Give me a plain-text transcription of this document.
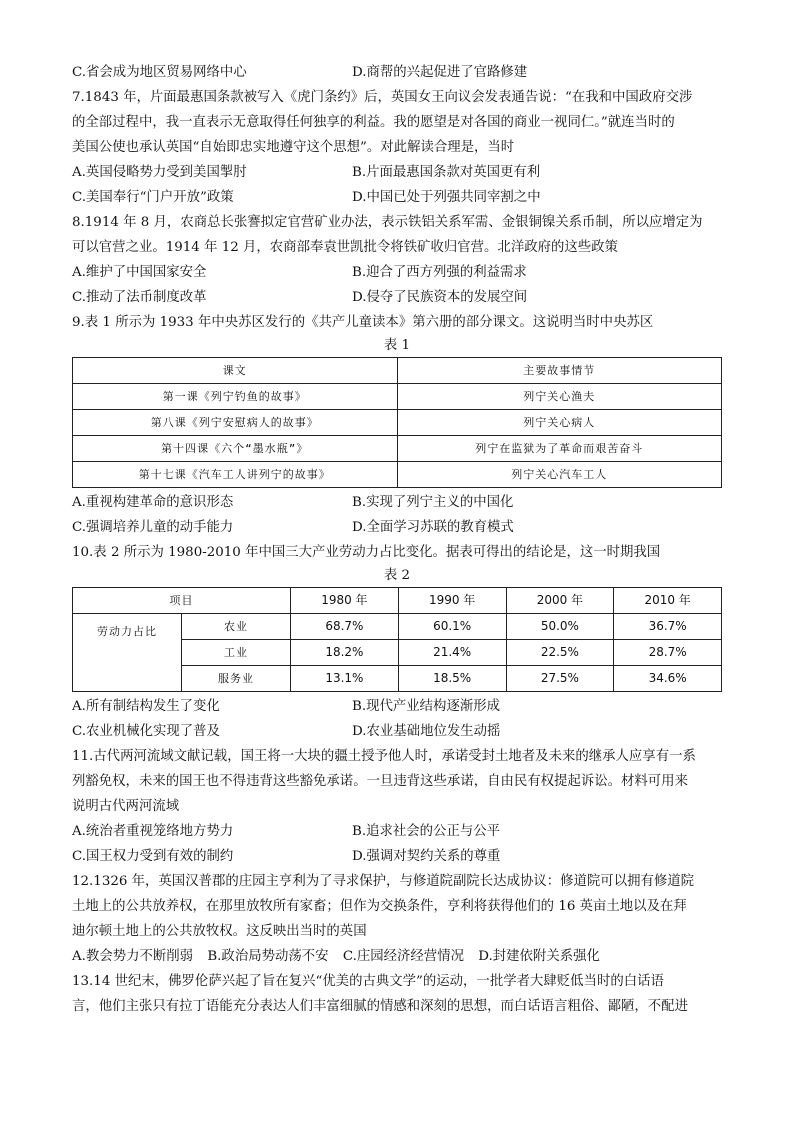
C.省会成为地区贸易网络中心	D.商帮的兴起促进了官路修建
7.1843 年，片面最惠国条款被写入《虎门条约》后，英国女王向议会发表通告说：“在我和中国政府交涉
的全部过程中，我一直表示无意取得任何独享的利益。我的愿望是对各国的商业一视同仁。”就连当时的
美国公使也承认英国“自始即忠实地遵守这个思想”。对此解读合理是，当时
A.英国侵略势力受到美国掣肘	B.片面最惠国条款对英国更有利
C.美国奉行“门户开放”政策	D.中国已处于列强共同宰割之中
8.1914 年 8 月，农商总长张謇拟定官营矿业办法，表示铁铝关系军需、金银铜镍关系币制，所以应增定为
可以官营之业。1914 年 12 月，农商部奉袁世凯批令将铁矿收归官营。北洋政府的这些政策
A.维护了中国国家安全	B.迎合了西方列强的利益需求
C.推动了法币制度改革	D.侵夺了民族资本的发展空间
9.表 1 所示为 1933 年中央苏区发行的《共产儿童读本》第六册的部分课文。这说明当时中央苏区
表 1
课文	主要故事情节
第一课《列宁钓鱼的故事》	列宁关心渔夫
第八课《列宁安慰病人的故事》	列宁关心病人
第十四课《六个“墨水瓶”》	列宁在监狱为了革命而艰苦奋斗
第十七课《汽车工人讲列宁的故事》	列宁关心汽车工人
A.重视构建革命的意识形态	B.实现了列宁主义的中国化
C.强调培养儿童的动手能力	D.全面学习苏联的教育模式
10.表 2 所示为 1980-2010 年中国三大产业劳动力占比变化。据表可得出的结论是，这一时期我国
表 2
项目		1980 年	1990 年	2000 年	2010 年
劳动力占比	农业	68.7%	60.1%	50.0%	36.7%
	工业	18.2%	21.4%	22.5%	28.7%
	服务业	13.1%	18.5%	27.5%	34.6%
A.所有制结构发生了变化	B.现代产业结构逐渐形成
C.农业机械化实现了普及	D.农业基础地位发生动摇
11.古代两河流域文献记载，国王将一大块的疆土授予他人时，承诺受封土地者及未来的继承人应享有一系
列豁免权，未来的国王也不得违背这些豁免承诺。一旦违背这些承诺，自由民有权提起诉讼。材料可用来
说明古代两河流域
A.统治者重视笼络地方势力	B.追求社会的公正与公平
C.国王权力受到有效的制约	D.强调对契约关系的尊重
12.1326 年，英国汉普郡的庄园主亨利为了寻求保护，与修道院副院长达成协议：修道院可以拥有修道院
土地上的公共放养权，在那里放牧所有家畜；但作为交换条件，亨利将获得他们的 16 英亩土地以及在拜
迪尔顿土地上的公共放牧权。这反映出当时的英国
A.教会势力不断削弱 B.政治局势动荡不安 C.庄园经济经营情况 D.封建依附关系强化
13.14 世纪末，佛罗伦萨兴起了旨在复兴“优美的古典文学”的运动，一批学者大肆贬低当时的白话语
言，他们主张只有拉丁语能充分表达人们丰富细腻的情感和深刻的思想，而白话语言粗俗、鄙陋，不配进
